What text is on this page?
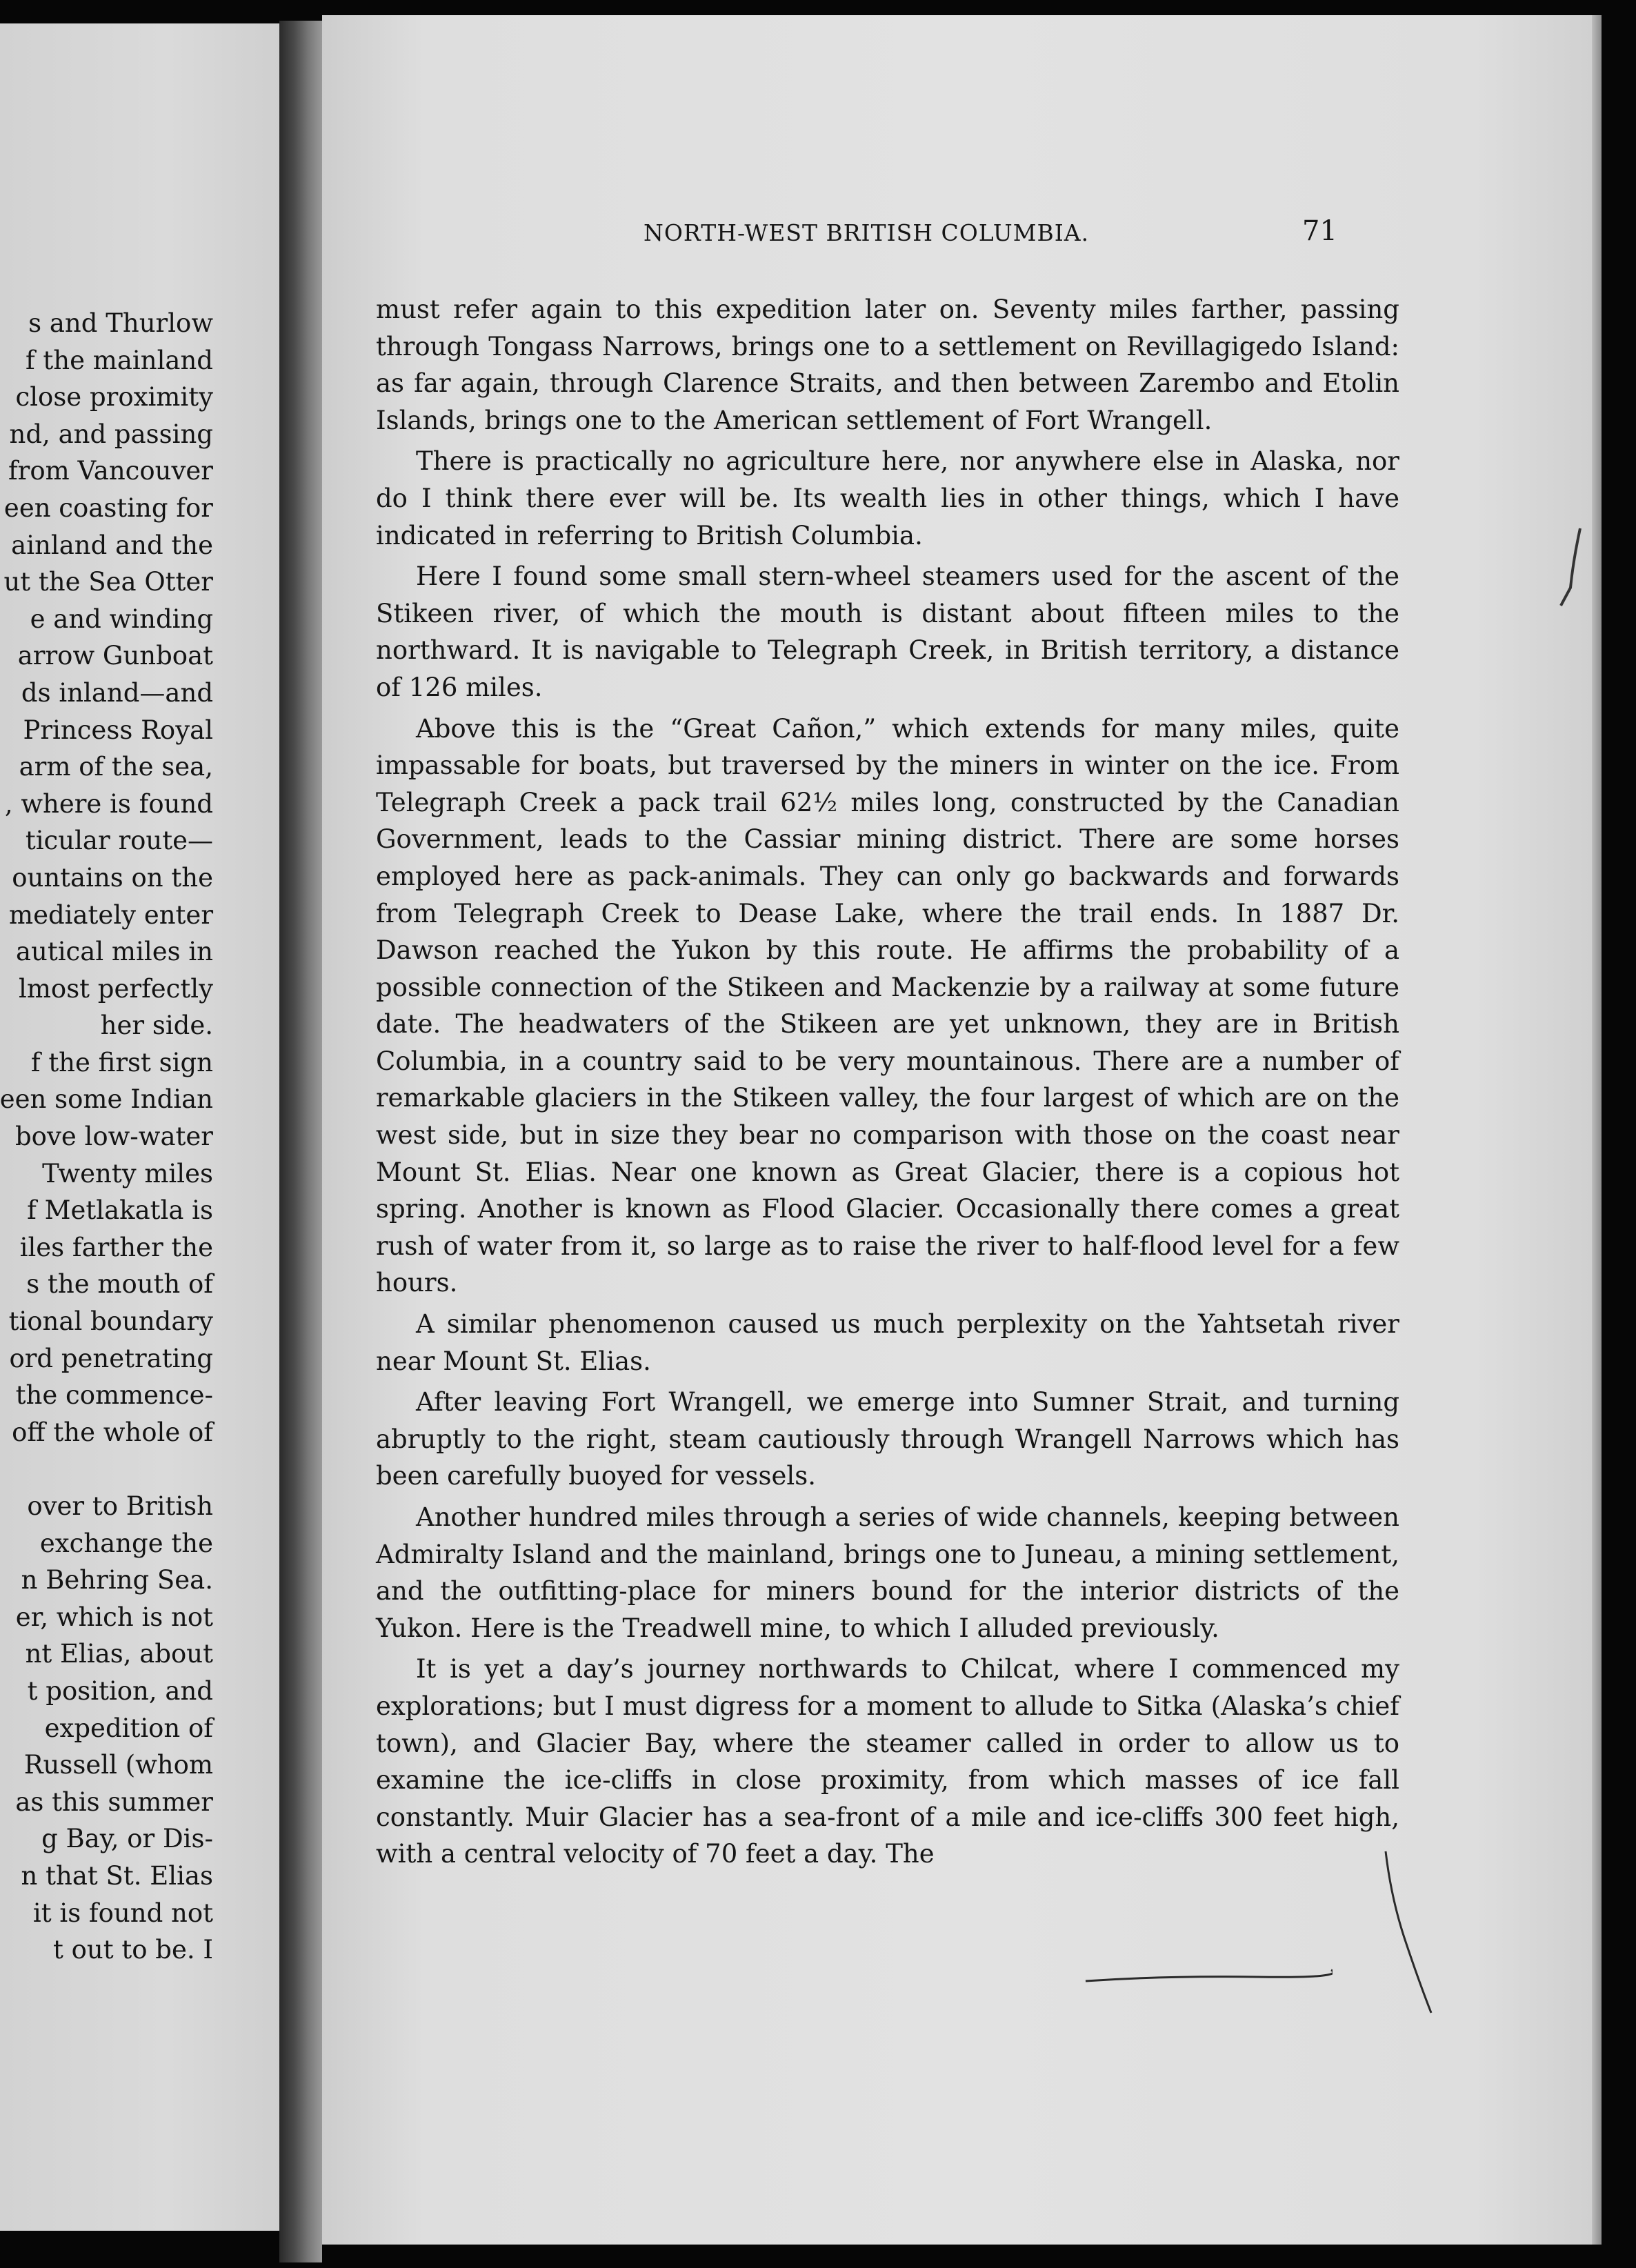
s and Thurlow
f the mainland
close proximity
nd, and passing
from Vancouver
een coasting for
ainland and the
ut the Sea Otter
e and winding
arrow Gunboat
ds inland—and
Princess Royal
arm of the sea,
, where is found
ticular route—
ountains on the
mediately enter
autical miles in
lmost perfectly
her side.
f the first sign
een some Indian
bove low-water
Twenty miles
f Metlakatla is
iles farther the
s the mouth of
tional boundary
ord penetrating
the commence-
off the whole of
over to British
exchange the
n Behring Sea.
er, which is not
nt Elias, about
t position, and
expedition of
Russell (whom
as this summer
g Bay, or Dis-
n that St. Elias
it is found not
t out to be. I
NORTH-WEST BRITISH COLUMBIA.	71

must refer again to this expedition later on. Seventy miles farther, passing through Tongass Narrows, brings one to a settlement on Revillagigedo Island: as far again, through Clarence Straits, and then between Zarembo and Etolin Islands, brings one to the American settlement of Fort Wrangell.

There is practically no agriculture here, nor anywhere else in Alaska, nor do I think there ever will be. Its wealth lies in other things, which I have indicated in referring to British Columbia.

Here I found some small stern-wheel steamers used for the ascent of the Stikeen river, of which the mouth is distant about fifteen miles to the northward. It is navigable to Telegraph Creek, in British territory, a distance of 126 miles.

Above this is the “Great Cañon,” which extends for many miles, quite impassable for boats, but traversed by the miners in winter on the ice. From Telegraph Creek a pack trail 62½ miles long, constructed by the Canadian Government, leads to the Cassiar mining district. There are some horses employed here as pack-animals. They can only go backwards and forwards from Telegraph Creek to Dease Lake, where the trail ends. In 1887 Dr. Dawson reached the Yukon by this route. He affirms the probability of a possible connection of the Stikeen and Mackenzie by a railway at some future date. The headwaters of the Stikeen are yet unknown, they are in British Columbia, in a country said to be very mountainous. There are a number of remarkable glaciers in the Stikeen valley, the four largest of which are on the west side, but in size they bear no comparison with those on the coast near Mount St. Elias. Near one known as Great Glacier, there is a copious hot spring. Another is known as Flood Glacier. Occasionally there comes a great rush of water from it, so large as to raise the river to half-flood level for a few hours.

A similar phenomenon caused us much perplexity on the Yahtsetah river near Mount St. Elias.

After leaving Fort Wrangell, we emerge into Sumner Strait, and turning abruptly to the right, steam cautiously through Wrangell Narrows which has been carefully buoyed for vessels.

Another hundred miles through a series of wide channels, keeping between Admiralty Island and the mainland, brings one to Juneau, a mining settlement, and the outfitting-place for miners bound for the interior districts of the Yukon. Here is the Treadwell mine, to which I alluded previously.

It is yet a day’s journey northwards to Chilcat, where I commenced my explorations; but I must digress for a moment to allude to Sitka (Alaska’s chief town), and Glacier Bay, where the steamer called in order to allow us to examine the ice-cliffs in close proximity, from which masses of ice fall constantly. Muir Glacier has a sea-front of a mile and ice-cliffs 300 feet high, with a central velocity of 70 feet a day. The
